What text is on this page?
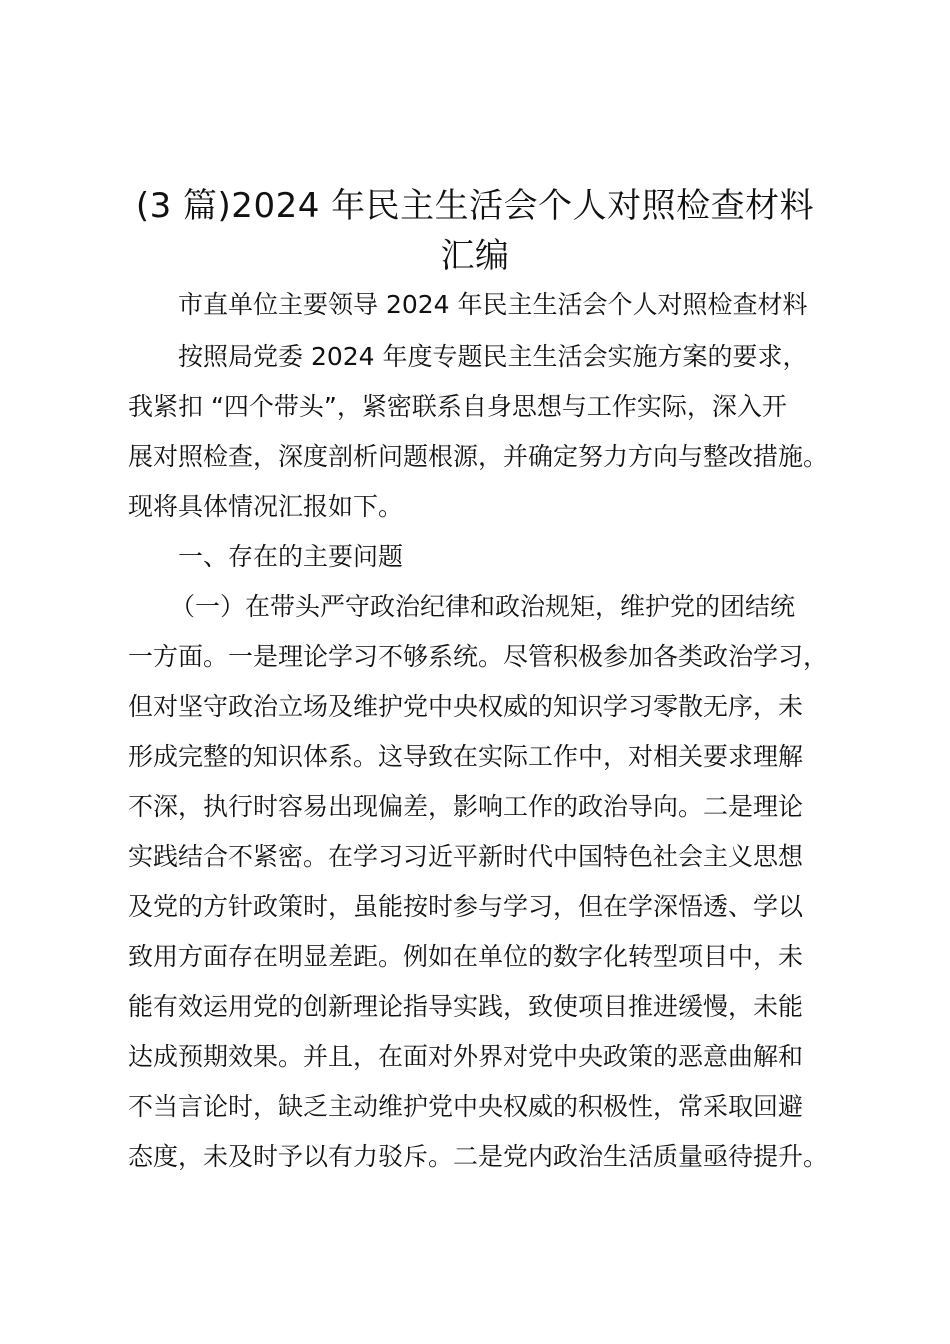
(3 篇)2024 年民主生活会个人对照检查材料
汇编
市直单位主要领导 2024 年民主生活会个人对照检查材料
按照局党委 2024 年度专题民主生活会实施方案的要求，
我紧扣 “四个带头”，紧密联系自身思想与工作实际，深入开
展对照检查，深度剖析问题根源，并确定努力方向与整改措施。
现将具体情况汇报如下。
一、存在的主要问题
（一）在带头严守政治纪律和政治规矩，维护党的团结统
一方面。一是理论学习不够系统。尽管积极参加各类政治学习，
但对坚守政治立场及维护党中央权威的知识学习零散无序，未
形成完整的知识体系。这导致在实际工作中，对相关要求理解
不深，执行时容易出现偏差，影响工作的政治导向。二是理论
实践结合不紧密。在学习习近平新时代中国特色社会主义思想
及党的方针政策时，虽能按时参与学习，但在学深悟透、学以
致用方面存在明显差距。例如在单位的数字化转型项目中，未
能有效运用党的创新理论指导实践，致使项目推进缓慢，未能
达成预期效果。并且，在面对外界对党中央政策的恶意曲解和
不当言论时，缺乏主动维护党中央权威的积极性，常采取回避
态度，未及时予以有力驳斥。二是党内政治生活质量亟待提升。
